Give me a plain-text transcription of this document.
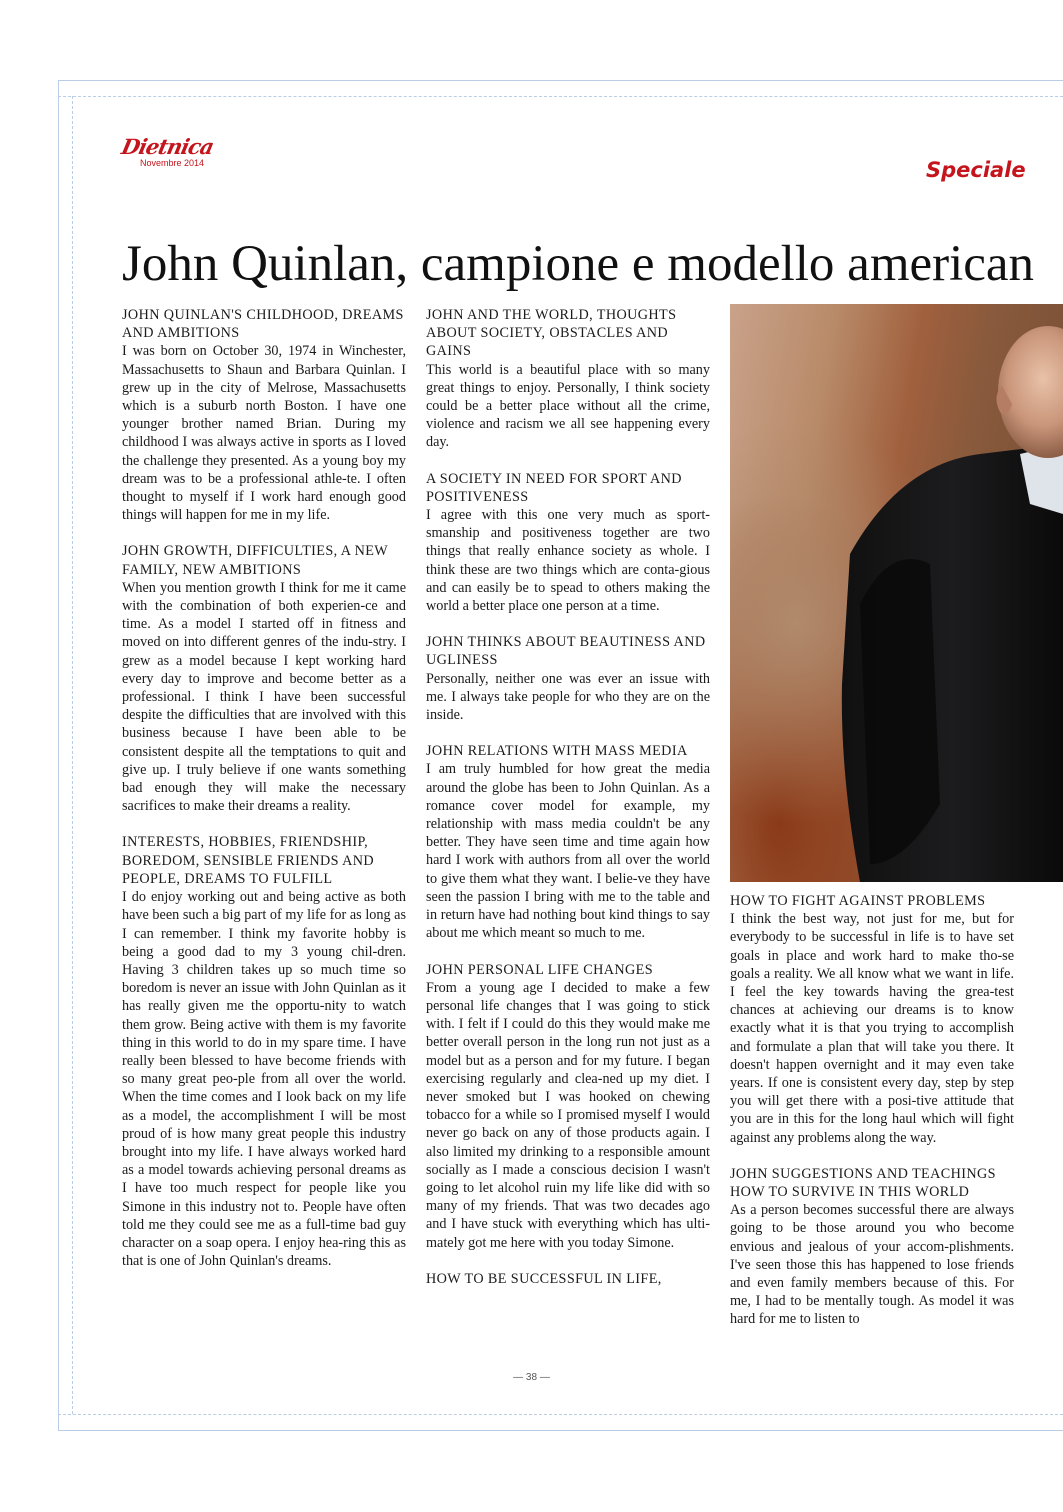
Dietnica
Novembre 2014	Speciale
John Quinlan, campione e modello american
JOHN QUINLAN'S CHILDHOOD, DREAMS AND AMBITIONS

I was born on October 30, 1974 in Winchester, Massachusetts to Shaun and Barbara Quinlan. I grew up in the city of Melrose, Massachusetts which is a suburb north Boston. I have one younger brother named Brian. During my childhood I was always active in sports as I loved the challenge they presented. As a young boy my dream was to be a professional athle-te. I often thought to myself if I work hard enough good things will happen for me in my life.

JOHN GROWTH, DIFFICULTIES, A NEW FAMILY, NEW AMBITIONS

When you mention growth I think for me it came with the combination of both experien-ce and time. As a model I started off in fitness and moved on into different genres of the indu-stry. I grew as a model because I kept working hard every day to improve and become better as a professional. I think I have been successful despite the difficulties that are involved with this business because I have been able to be consistent despite all the temptations to quit and give up. I truly believe if one wants something bad enough they will make the necessary sacrifices to make their dreams a reality.

INTERESTS, HOBBIES, FRIENDSHIP, BOREDOM, SENSIBLE FRIENDS AND PEOPLE, DREAMS TO FULFILL

I do enjoy working out and being active as both have been such a big part of my life for as long as I can remember. I think my favorite hobby is being a good dad to my 3 young chil-dren. Having 3 children takes up so much time so boredom is never an issue with John Quinlan as it has really given me the opportu-nity to watch them grow. Being active with them is my favorite thing in this world to do in my spare time. I have really been blessed to have become friends with so many great peo-ple from all over the world. When the time comes and I look back on my life as a model, the accomplishment I will be most proud of is how many great people this industry brought into my life. I have always worked hard as a model towards achieving personal dreams as I have too much respect for people like you Simone in this industry not to. People have often told me they could see me as a full-time bad guy character on a soap opera. I enjoy hea-ring this as that is one of John Quinlan's dreams.

JOHN AND THE WORLD, THOUGHTS ABOUT SOCIETY, OBSTACLES AND GAINS

This world is a beautiful place with so many great things to enjoy. Personally, I think society could be a better place without all the crime, violence and racism we all see happening every day.

A SOCIETY IN NEED FOR SPORT AND POSITIVENESS

I agree with this one very much as sport-smanship and positiveness together are two things that really enhance society as whole. I think these are two things which are conta-gious and can easily be to spead to others making the world a better place one person at a time.

JOHN THINKS ABOUT BEAUTINESS AND UGLINESS

Personally, neither one was ever an issue with me. I always take people for who they are on the inside.

JOHN RELATIONS WITH MASS MEDIA

I am truly humbled for how great the media around the globe has been to John Quinlan. As a romance cover model for example, my relationship with mass media couldn't be any better. They have seen time and time again how hard I work with authors from all over the world to give them what they want. I belie-ve they have seen the passion I bring with me to the table and in return have had nothing bout kind things to say about me which meant so much to me.

JOHN PERSONAL LIFE CHANGES

From a young age I decided to make a few personal life changes that I was going to stick with. I felt if I could do this they would make me better overall person in the long run not just as a model but as a person and for my future. I began exercising regularly and clea-ned up my diet. I never smoked but I was hooked on chewing tobacco for a while so I promised myself I would never go back on any of those products again. I also limited my drinking to a responsible amount socially as I made a conscious decision I wasn't going to let alcohol ruin my life like did with so many of my friends. That was two decades ago and I have stuck with everything which has ulti-mately got me here with you today Simone.

HOW TO BE SUCCESSFUL IN LIFE,
HOW TO FIGHT AGAINST PROBLEMS

I think the best way, not just for me, but for everybody to be successful in life is to have set goals in place and work hard to make tho-se goals a reality. We all know what we want in life. I feel the key towards having the grea-test chances at achieving our dreams is to know exactly what it is that you trying to accomplish and formulate a plan that will take you there. It doesn't happen overnight and it may even take years. If one is consistent every day, step by step you will get there with a posi-tive attitude that you are in this for the long haul which will fight against any problems along the way.

JOHN SUGGESTIONS AND TEACHINGS HOW TO SURVIVE IN THIS WORLD

As a person becomes successful there are always going to be those around you who become envious and jealous of your accom-plishments. I've seen those this has happened to lose friends and even family members because of this. For me, I had to be mentally tough. As model it was hard for me to listen to

— 38 —
